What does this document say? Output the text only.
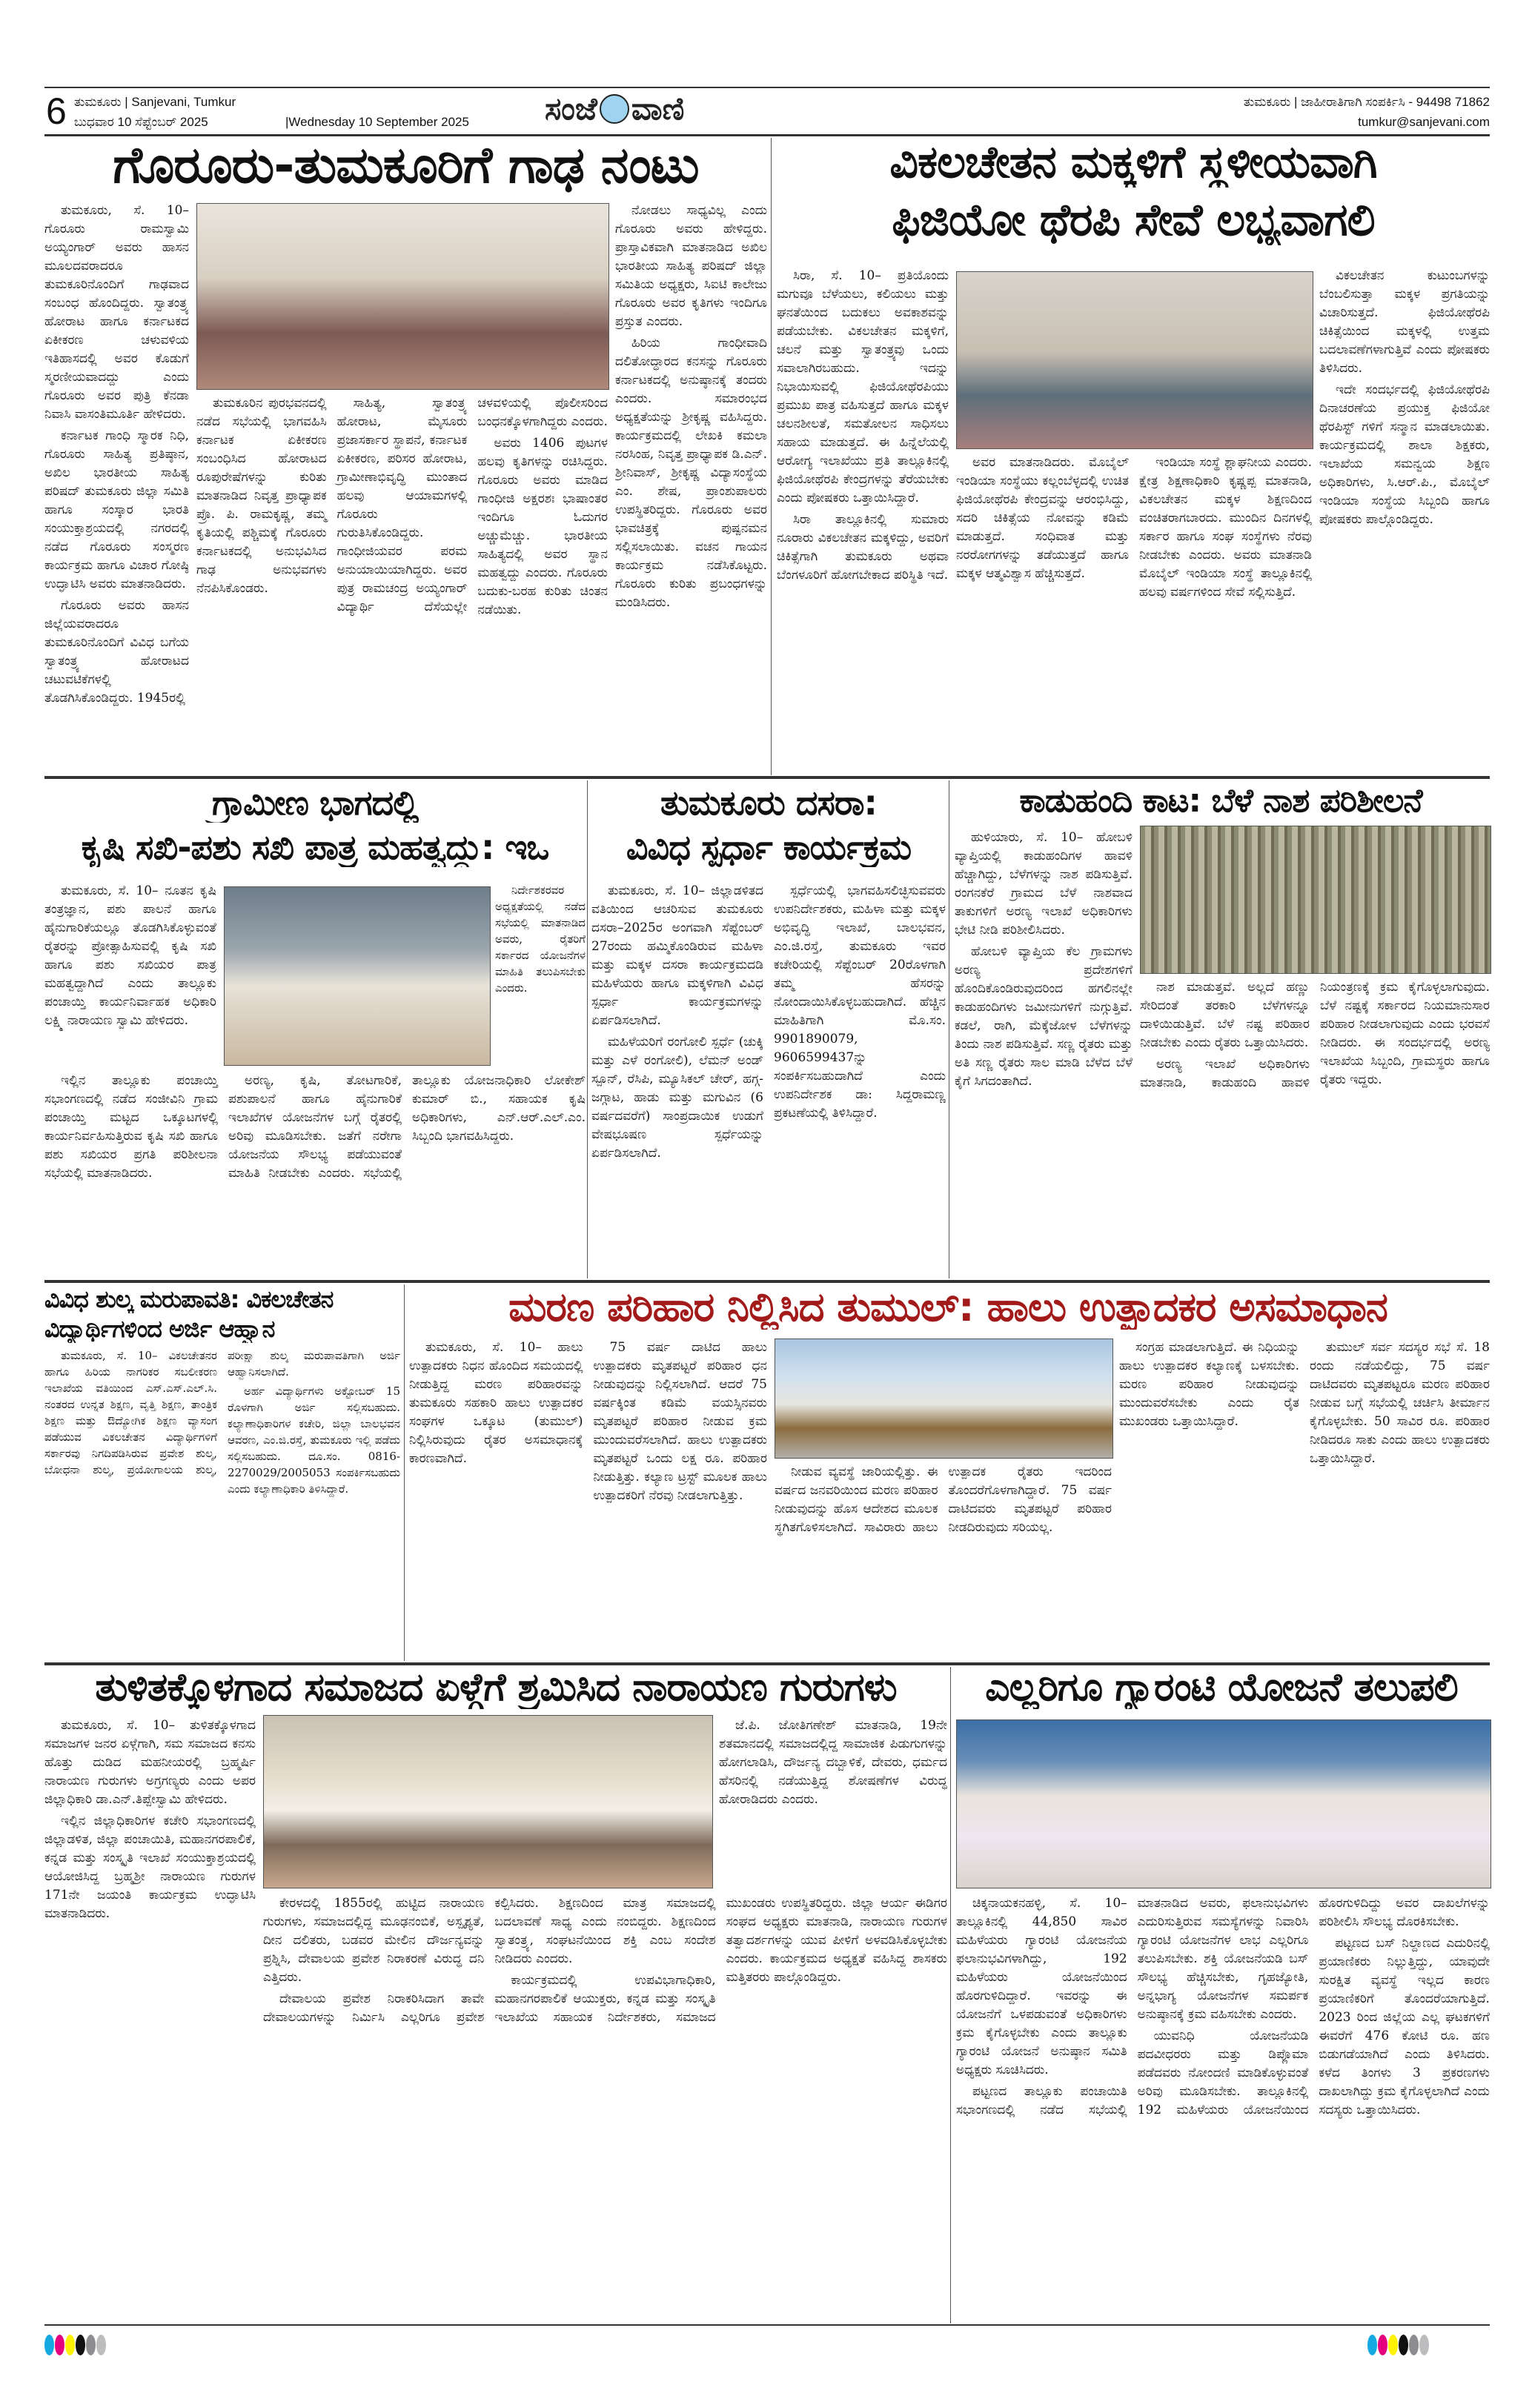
6 ತುಮಕೂರು | Sanjevani, Tumkur
ಬುಧವಾರ 10 ಸೆಪ್ಟೆಂಬರ್ 2025	|Wednesday 10 September 2025 ಸಂಜೆ ವಾಣಿ	ತುಮಕೂರು | ಜಾಹೀರಾತಿಗಾಗಿ ಸಂಪರ್ಕಿಸಿ - 94498 71862
tumkur@sanjevani.com
ಗೊರೂರು-ತುಮಕೂರಿಗೆ ಗಾಢ ನಂಟು

ತುಮಕೂರು, ಸೆ. 10– ಗೊರೂರು ರಾಮಸ್ವಾಮಿ ಅಯ್ಯಂಗಾರ್ ಅವರು ಹಾಸನ ಮೂಲದವರಾದರೂ ತುಮಕೂರಿನೊಂದಿಗೆ ಗಾಢವಾದ ಸಂಬಂಧ ಹೊಂದಿದ್ದರು. ಸ್ವಾತಂತ್ರ್ಯ ಹೋರಾಟ ಹಾಗೂ ಕರ್ನಾಟಕದ ಏಕೀಕರಣ ಚಳುವಳಿಯ ಇತಿಹಾಸದಲ್ಲಿ ಅವರ ಕೊಡುಗೆ ಸ್ಮರಣೀಯವಾದದ್ದು ಎಂದು ಗೊರೂರು ಅವರ ಪುತ್ರಿ ಕೆನಡಾ ನಿವಾಸಿ ವಾಸಂತಿಮೂರ್ತಿ ಹೇಳಿದರು.

ಕರ್ನಾಟಕ ಗಾಂಧಿ ಸ್ಮಾರಕ ನಿಧಿ, ಗೊರೂರು ಸಾಹಿತ್ಯ ಪ್ರತಿಷ್ಠಾನ, ಅಖಿಲ ಭಾರತೀಯ ಸಾಹಿತ್ಯ ಪರಿಷದ್ ತುಮಕೂರು ಜಿಲ್ಲಾ ಸಮಿತಿ ಹಾಗೂ ಸಂಸ್ಕಾರ ಭಾರತಿ ಸಂಯುಕ್ತಾಶ್ರಯದಲ್ಲಿ ನಗರದಲ್ಲಿ ನಡೆದ ಗೊರೂರು ಸಂಸ್ಮರಣ ಕಾರ್ಯಕ್ರಮ ಹಾಗೂ ವಿಚಾರ ಗೋಷ್ಠಿ ಉದ್ಘಾಟಿಸಿ ಅವರು ಮಾತನಾಡಿದರು.

ಗೊರೂರು ಅವರು ಹಾಸನ ಜಿಲ್ಲೆಯವರಾದರೂ ತುಮಕೂರಿನೊಂದಿಗೆ ವಿವಿಧ ಬಗೆಯ ಸ್ವಾತಂತ್ರ್ಯ ಹೋರಾಟದ ಚಟುವಟಿಕೆಗಳಲ್ಲಿ ತೊಡಗಿಸಿಕೊಂಡಿದ್ದರು. 1945ರಲ್ಲಿ

ತುಮಕೂರಿನ ಪುರಭವನದಲ್ಲಿ ನಡೆದ ಸಭೆಯಲ್ಲಿ ಭಾಗವಹಿಸಿ ಕರ್ನಾಟಕ ಏಕೀಕರಣ ಸಂಬಂಧಿಸಿದ ಹೋರಾಟದ ರೂಪುರೇಷೆಗಳನ್ನು ಕುರಿತು ಮಾತನಾಡಿದ ನಿವೃತ್ತ ಪ್ರಾಧ್ಯಾಪಕ ಪ್ರೊ. ಪಿ. ರಾಮಕೃಷ್ಣ, ತಮ್ಮ ಕೃತಿಯಲ್ಲಿ ಪಶ್ಚಿಮಕ್ಕೆ ಗೊರೂರು ಕರ್ನಾಟಕದಲ್ಲಿ ಅನುಭವಿಸಿದ ಗಾಢ ಅನುಭವಗಳು ನೆನಪಿಸಿಕೊಂಡರು.

ಸಾಹಿತ್ಯ, ಸ್ವಾತಂತ್ರ್ಯ ಹೋರಾಟ, ಮೈಸೂರು ಪ್ರಜಾಸರ್ಕಾರ ಸ್ಥಾಪನೆ, ಕರ್ನಾಟಕ ಏಕೀಕರಣ, ಪರಿಸರ ಹೋರಾಟ, ಗ್ರಾಮೀಣಾಭಿವೃದ್ಧಿ ಮುಂತಾದ ಹಲವು ಆಯಾಮಗಳಲ್ಲಿ ಗೊರೂರು ಗುರುತಿಸಿಕೊಂಡಿದ್ದರು. ಗಾಂಧೀಜಿಯವರ ಪರಮ ಅನುಯಾಯಿಯಾಗಿದ್ದರು. ಅವರ ಪುತ್ರ ರಾಮಚಂದ್ರ ಅಯ್ಯಂಗಾರ್ ವಿದ್ಯಾರ್ಥಿ ದೆಸೆಯಲ್ಲೇ ಚಳವಳಿಯಲ್ಲಿ ಪೊಲೀಸರಿಂದ ಬಂಧನಕ್ಕೊಳಗಾಗಿದ್ದರು ಎಂದರು.

ಅವರು 1406 ಪುಟಗಳ ಹಲವು ಕೃತಿಗಳನ್ನು ರಚಿಸಿದ್ದರು. ಗೊರೂರು ಅವರು ಮಾಡಿದ ಗಾಂಧೀಜಿ ಅಕ್ಷರಶಃ ಭಾಷಾಂತರ ಇಂದಿಗೂ ಓದುಗರ ಅಚ್ಚುಮೆಚ್ಚು. ಭಾರತೀಯ ಸಾಹಿತ್ಯದಲ್ಲಿ ಅವರ ಸ್ಥಾನ ಮಹತ್ವದ್ದು ಎಂದರು. ಗೊರೂರು ಬದುಕು-ಬರಹ ಕುರಿತು ಚಿಂತನ ನಡೆಯಿತು.

ನೋಡಲು ಸಾಧ್ಯವಿಲ್ಲ ಎಂದು ಗೊರೂರು ಅವರು ಹೇಳಿದ್ದರು. ಪ್ರಾಸ್ತಾವಿಕವಾಗಿ ಮಾತನಾಡಿದ ಅಖಿಲ ಭಾರತೀಯ ಸಾಹಿತ್ಯ ಪರಿಷದ್ ಜಿಲ್ಲಾ ಸಮಿತಿಯ ಅಧ್ಯಕ್ಷರು, ಸಿಐಟಿ ಕಾಲೇಜು ಗೊರೂರು ಅವರ ಕೃತಿಗಳು ಇಂದಿಗೂ ಪ್ರಸ್ತುತ ಎಂದರು.

ಹಿರಿಯ ಗಾಂಧೀವಾದಿ ದಲಿತೋದ್ಧಾರದ ಕನಸನ್ನು ಗೊರೂರು ಕರ್ನಾಟಕದಲ್ಲಿ ಅನುಷ್ಠಾನಕ್ಕೆ ತಂದರು ಎಂದರು. ಸಮಾರಂಭದ ಅಧ್ಯಕ್ಷತೆಯನ್ನು ಶ್ರೀಕೃಷ್ಣ ವಹಿಸಿದ್ದರು. ಕಾರ್ಯಕ್ರಮದಲ್ಲಿ ಲೇಖಕಿ ಕಮಲಾ ನರಸಿಂಹ, ನಿವೃತ್ತ ಪ್ರಾಧ್ಯಾಪಕ ಡಿ.ಎನ್. ಶ್ರೀನಿವಾಸ್, ಶ್ರೀಕೃಷ್ಣ ವಿದ್ಯಾಸಂಸ್ಥೆಯ ಎಂ. ಶೇಷ, ಪ್ರಾಂಶುಪಾಲರು ಉಪಸ್ಥಿತರಿದ್ದರು. ಗೊರೂರು ಅವರ ಭಾವಚಿತ್ರಕ್ಕೆ ಪುಷ್ಪನಮನ ಸಲ್ಲಿಸಲಾಯಿತು. ವಚನ ಗಾಯನ ಕಾರ್ಯಕ್ರಮ ನಡೆಸಿಕೊಟ್ಟರು. ಗೊರೂರು ಕುರಿತು ಪ್ರಬಂಧಗಳನ್ನು ಮಂಡಿಸಿದರು.

ವಿಕಲಚೇತನ ಮಕ್ಕಳಿಗೆ ಸ್ಥಳೀಯವಾಗಿ
ಫಿಜಿಯೋ ಥೆರಪಿ ಸೇವೆ ಲಭ್ಯವಾಗಲಿ

ಸಿರಾ, ಸೆ. 10– ಪ್ರತಿಯೊಂದು ಮಗುವೂ ಬೆಳೆಯಲು, ಕಲಿಯಲು ಮತ್ತು ಘನತೆಯಿಂದ ಬದುಕಲು ಅವಕಾಶವನ್ನು ಪಡೆಯಬೇಕು. ವಿಕಲಚೇತನ ಮಕ್ಕಳಿಗೆ, ಚಲನೆ ಮತ್ತು ಸ್ವಾತಂತ್ರ್ಯವು ಒಂದು ಸವಾಲಾಗಿರಬಹುದು. ಇದನ್ನು ನಿಭಾಯಿಸುವಲ್ಲಿ ಫಿಜಿಯೋಥೆರಪಿಯು ಪ್ರಮುಖ ಪಾತ್ರ ವಹಿಸುತ್ತದೆ ಹಾಗೂ ಮಕ್ಕಳ ಚಲನಶೀಲತೆ, ಸಮತೋಲನ ಸಾಧಿಸಲು ಸಹಾಯ ಮಾಡುತ್ತದೆ. ಈ ಹಿನ್ನೆಲೆಯಲ್ಲಿ ಆರೋಗ್ಯ ಇಲಾಖೆಯು ಪ್ರತಿ ತಾಲ್ಲೂಕಿನಲ್ಲಿ ಫಿಜಿಯೋಥೆರಪಿ ಕೇಂದ್ರಗಳನ್ನು ತೆರೆಯಬೇಕು ಎಂದು ಪೋಷಕರು ಒತ್ತಾಯಿಸಿದ್ದಾರೆ.

ಸಿರಾ ತಾಲ್ಲೂಕಿನಲ್ಲಿ ಸುಮಾರು ನೂರಾರು ವಿಕಲಚೇತನ ಮಕ್ಕಳಿದ್ದು, ಅವರಿಗೆ ಚಿಕಿತ್ಸೆಗಾಗಿ ತುಮಕೂರು ಅಥವಾ ಬೆಂಗಳೂರಿಗೆ ಹೋಗಬೇಕಾದ ಪರಿಸ್ಥಿತಿ ಇದೆ.

ಅವರ ಮಾತನಾಡಿದರು. ಮೊಬೈಲ್ ಇಂಡಿಯಾ ಸಂಸ್ಥೆಯು ಕಲ್ಲಂಬೆಳ್ಳದಲ್ಲಿ ಉಚಿತ ಫಿಜಿಯೋಥೆರಪಿ ಕೇಂದ್ರವನ್ನು ಆರಂಭಿಸಿದ್ದು, ಸದರಿ ಚಿಕಿತ್ಸೆಯ ನೋವನ್ನು ಕಡಿಮೆ ಮಾಡುತ್ತದೆ. ಸಂಧಿವಾತ ಮತ್ತು ನರರೋಗಗಳನ್ನು ತಡೆಯುತ್ತದೆ ಹಾಗೂ ಮಕ್ಕಳ ಆತ್ಮವಿಶ್ವಾಸ ಹೆಚ್ಚಿಸುತ್ತದೆ.

ಇಂಡಿಯಾ ಸಂಸ್ಥೆ ಶ್ಲಾಘನೀಯ ಎಂದರು. ಕ್ಷೇತ್ರ ಶಿಕ್ಷಣಾಧಿಕಾರಿ ಕೃಷ್ಣಪ್ಪ ಮಾತನಾಡಿ, ವಿಕಲಚೇತನ ಮಕ್ಕಳ ಶಿಕ್ಷಣದಿಂದ ವಂಚಿತರಾಗಬಾರದು. ಮುಂದಿನ ದಿನಗಳಲ್ಲಿ ಸರ್ಕಾರ ಹಾಗೂ ಸಂಘ ಸಂಸ್ಥೆಗಳು ನೆರವು ನೀಡಬೇಕು ಎಂದರು. ಅವರು ಮಾತನಾಡಿ ಮೊಬೈಲ್ ಇಂಡಿಯಾ ಸಂಸ್ಥೆ ತಾಲ್ಲೂಕಿನಲ್ಲಿ ಹಲವು ವರ್ಷಗಳಿಂದ ಸೇವೆ ಸಲ್ಲಿಸುತ್ತಿದೆ.

ವಿಕಲಚೇತನ ಕುಟುಂಬಗಳನ್ನು ಬೆಂಬಲಿಸುತ್ತಾ ಮಕ್ಕಳ ಪ್ರಗತಿಯನ್ನು ವಿಚಾರಿಸುತ್ತದೆ. ಫಿಜಿಯೋಥೆರಪಿ ಚಿಕಿತ್ಸೆಯಿಂದ ಮಕ್ಕಳಲ್ಲಿ ಉತ್ತಮ ಬದಲಾವಣೆಗಳಾಗುತ್ತಿವೆ ಎಂದು ಪೋಷಕರು ತಿಳಿಸಿದರು.

ಇದೇ ಸಂದರ್ಭದಲ್ಲಿ ಫಿಜಿಯೋಥೆರಪಿ ದಿನಾಚರಣೆಯ ಪ್ರಯುಕ್ತ ಫಿಜಿಯೋ ಥೆರಪಿಸ್ಟ್ ಗಳಿಗೆ ಸನ್ಮಾನ ಮಾಡಲಾಯಿತು. ಕಾರ್ಯಕ್ರಮದಲ್ಲಿ ಶಾಲಾ ಶಿಕ್ಷಕರು, ಇಲಾಖೆಯ ಸಮನ್ವಯ ಶಿಕ್ಷಣ ಅಧಿಕಾರಿಗಳು, ಸಿ.ಆರ್.ಪಿ., ಮೊಬೈಲ್ ಇಂಡಿಯಾ ಸಂಸ್ಥೆಯ ಸಿಬ್ಬಂದಿ ಹಾಗೂ ಪೋಷಕರು ಪಾಲ್ಗೊಂಡಿದ್ದರು.

ಗ್ರಾಮೀಣ ಭಾಗದಲ್ಲಿ
ಕೃಷಿ ಸಖಿ-ಪಶು ಸಖಿ ಪಾತ್ರ ಮಹತ್ವದ್ದು: ಇಒ

ತುಮಕೂರು, ಸೆ. 10– ನೂತನ ಕೃಷಿ ತಂತ್ರಜ್ಞಾನ, ಪಶು ಪಾಲನೆ ಹಾಗೂ ಹೈನುಗಾರಿಕೆಯಲ್ಲೂ ತೊಡಗಿಸಿಕೊಳ್ಳುವಂತೆ ರೈತರನ್ನು ಪ್ರೋತ್ಸಾಹಿಸುವಲ್ಲಿ ಕೃಷಿ ಸಖಿ ಹಾಗೂ ಪಶು ಸಖಿಯರ ಪಾತ್ರ ಮಹತ್ವದ್ದಾಗಿದೆ ಎಂದು ತಾಲ್ಲೂಕು ಪಂಚಾಯ್ತಿ ಕಾರ್ಯನಿರ್ವಾಹಕ ಅಧಿಕಾರಿ ಲಕ್ಷ್ಮಿ ನಾರಾಯಣ ಸ್ವಾಮಿ ಹೇಳಿದರು.

ನಿರ್ದೇಶಕರವರ ಅಧ್ಯಕ್ಷತೆಯಲ್ಲಿ ನಡೆದ ಸಭೆಯಲ್ಲಿ ಮಾತನಾಡಿದ ಅವರು, ರೈತರಿಗೆ ಸರ್ಕಾರದ ಯೋಜನೆಗಳ ಮಾಹಿತಿ ತಲುಪಿಸಬೇಕು ಎಂದರು.

ಇಲ್ಲಿನ ತಾಲ್ಲೂಕು ಪಂಚಾಯ್ತಿ ಸಭಾಂಗಣದಲ್ಲಿ ನಡೆದ ಸಂಜೀವಿನಿ ಗ್ರಾಮ ಪಂಚಾಯ್ತಿ ಮಟ್ಟದ ಒಕ್ಕೂಟಗಳಲ್ಲಿ ಕಾರ್ಯನಿರ್ವಹಿಸುತ್ತಿರುವ ಕೃಷಿ ಸಖಿ ಹಾಗೂ ಪಶು ಸಖಿಯರ ಪ್ರಗತಿ ಪರಿಶೀಲನಾ ಸಭೆಯಲ್ಲಿ ಮಾತನಾಡಿದರು.

ಅರಣ್ಯ, ಕೃಷಿ, ತೋಟಗಾರಿಕೆ, ಪಶುಪಾಲನೆ ಹಾಗೂ ಹೈನುಗಾರಿಕೆ ಇಲಾಖೆಗಳ ಯೋಜನೆಗಳ ಬಗ್ಗೆ ರೈತರಲ್ಲಿ ಅರಿವು ಮೂಡಿಸಬೇಕು. ಜತೆಗೆ ನರೇಗಾ ಯೋಜನೆಯ ಸೌಲಭ್ಯ ಪಡೆಯುವಂತೆ ಮಾಹಿತಿ ನೀಡಬೇಕು ಎಂದರು. ಸಭೆಯಲ್ಲಿ ತಾಲ್ಲೂಕು ಯೋಜನಾಧಿಕಾರಿ ಲೋಕೇಶ್ ಕುಮಾರ್ ಬಿ., ಸಹಾಯಕ ಕೃಷಿ ಅಧಿಕಾರಿಗಳು, ಎನ್.ಆರ್.ಎಲ್.ಎಂ. ಸಿಬ್ಬಂದಿ ಭಾಗವಹಿಸಿದ್ದರು.

ತುಮಕೂರು ದಸರಾ:
ವಿವಿಧ ಸ್ಪರ್ಧಾ ಕಾರ್ಯಕ್ರಮ

ತುಮಕೂರು, ಸೆ. 10– ಜಿಲ್ಲಾಡಳಿತದ ವತಿಯಿಂದ ಆಚರಿಸುವ ತುಮಕೂರು ದಸರಾ–2025ರ ಅಂಗವಾಗಿ ಸೆಪ್ಟೆಂಬರ್ 27ರಂದು ಹಮ್ಮಿಕೊಂಡಿರುವ ಮಹಿಳಾ ಮತ್ತು ಮಕ್ಕಳ ದಸರಾ ಕಾರ್ಯಕ್ರಮದಡಿ ಮಹಿಳೆಯರು ಹಾಗೂ ಮಕ್ಕಳಿಗಾಗಿ ವಿವಿಧ ಸ್ಪರ್ಧಾ ಕಾರ್ಯಕ್ರಮಗಳನ್ನು ಏರ್ಪಡಿಸಲಾಗಿದೆ.

ಮಹಿಳೆಯರಿಗೆ ರಂಗೋಲಿ ಸ್ಪರ್ಧೆ (ಚುಕ್ಕಿ ಮತ್ತು ಎಳೆ ರಂಗೋಲಿ), ಲೆಮನ್ ಅಂಡ್ ಸ್ಪೂನ್, ರೆಸಿಪಿ, ಮ್ಯೂಸಿಕಲ್ ಚೇರ್, ಹಗ್ಗ-ಜಗ್ಗಾಟ, ಹಾಡು ಮತ್ತು ಮಗುವಿನ (6 ವರ್ಷದವರೆಗೆ) ಸಾಂಪ್ರದಾಯಿಕ ಉಡುಗೆ ವೇಷಭೂಷಣ ಸ್ಪರ್ಧೆಯನ್ನು ಏರ್ಪಡಿಸಲಾಗಿದೆ.

ಸ್ಪರ್ಧೆಯಲ್ಲಿ ಭಾಗವಹಿಸಲಿಚ್ಛಿಸುವವರು ಉಪನಿರ್ದೇಶಕರು, ಮಹಿಳಾ ಮತ್ತು ಮಕ್ಕಳ ಅಭಿವೃದ್ಧಿ ಇಲಾಖೆ, ಬಾಲಭವನ, ಎಂ.ಜಿ.ರಸ್ತೆ, ತುಮಕೂರು ಇವರ ಕಚೇರಿಯಲ್ಲಿ ಸೆಪ್ಟೆಂಬರ್ 20ರೊಳಗಾಗಿ ತಮ್ಮ ಹೆಸರನ್ನು ನೋಂದಾಯಿಸಿಕೊಳ್ಳಬಹುದಾಗಿದೆ. ಹೆಚ್ಚಿನ ಮಾಹಿತಿಗಾಗಿ ಮೊ.ಸಂ. 9901890079, 9606599437ನ್ನು ಸಂಪರ್ಕಿಸಬಹುದಾಗಿದೆ ಎಂದು ಉಪನಿರ್ದೇಶಕ ಡಾ: ಸಿದ್ದರಾಮಣ್ಣ ಪ್ರಕಟಣೆಯಲ್ಲಿ ತಿಳಿಸಿದ್ದಾರೆ.

ಕಾಡುಹಂದಿ ಕಾಟ: ಬೆಳೆ ನಾಶ ಪರಿಶೀಲನೆ

ಹುಳಿಯಾರು, ಸೆ. 10– ಹೋಬಳಿ ವ್ಯಾಪ್ತಿಯಲ್ಲಿ ಕಾಡುಹಂದಿಗಳ ಹಾವಳಿ ಹೆಚ್ಚಾಗಿದ್ದು, ಬೆಳೆಗಳನ್ನು ನಾಶ ಪಡಿಸುತ್ತಿವೆ. ರಂಗನಕೆರೆ ಗ್ರಾಮದ ಬೆಳೆ ನಾಶವಾದ ತಾಕುಗಳಿಗೆ ಅರಣ್ಯ ಇಲಾಖೆ ಅಧಿಕಾರಿಗಳು ಭೇಟಿ ನೀಡಿ ಪರಿಶೀಲಿಸಿದರು.

ಹೋಬಳಿ ವ್ಯಾಪ್ತಿಯ ಕೆಲ ಗ್ರಾಮಗಳು ಅರಣ್ಯ ಪ್ರದೇಶಗಳಿಗೆ ಹೊಂದಿಕೊಂಡಿರುವುದರಿಂದ ಹಗಲಿನಲ್ಲೇ ಕಾಡುಹಂದಿಗಳು ಜಮೀನುಗಳಿಗೆ ನುಗ್ಗುತ್ತಿವೆ. ಕಡಲೆ, ರಾಗಿ, ಮೆಕ್ಕೆಜೋಳ ಬೆಳೆಗಳನ್ನು ತಿಂದು ನಾಶ ಪಡಿಸುತ್ತಿವೆ. ಸಣ್ಣ ರೈತರು ಮತ್ತು ಅತಿ ಸಣ್ಣ ರೈತರು ಸಾಲ ಮಾಡಿ ಬೆಳೆದ ಬೆಳೆ ಕೈಗೆ ಸಿಗದಂತಾಗಿದೆ.

ನಾಶ ಮಾಡುತ್ತವೆ. ಅಲ್ಲದೆ ಹಣ್ಣು ಸೇರಿದಂತೆ ತರಕಾರಿ ಬೆಳೆಗಳನ್ನೂ ದಾಳಿಯಿಡುತ್ತಿವೆ. ಬೆಳೆ ನಷ್ಟ ಪರಿಹಾರ ನೀಡಬೇಕು ಎಂದು ರೈತರು ಒತ್ತಾಯಿಸಿದರು.

ಅರಣ್ಯ ಇಲಾಖೆ ಅಧಿಕಾರಿಗಳು ಮಾತನಾಡಿ, ಕಾಡುಹಂದಿ ಹಾವಳಿ ನಿಯಂತ್ರಣಕ್ಕೆ ಕ್ರಮ ಕೈಗೊಳ್ಳಲಾಗುವುದು. ಬೆಳೆ ನಷ್ಟಕ್ಕೆ ಸರ್ಕಾರದ ನಿಯಮಾನುಸಾರ ಪರಿಹಾರ ನೀಡಲಾಗುವುದು ಎಂದು ಭರವಸೆ ನೀಡಿದರು. ಈ ಸಂದರ್ಭದಲ್ಲಿ ಅರಣ್ಯ ಇಲಾಖೆಯ ಸಿಬ್ಬಂದಿ, ಗ್ರಾಮಸ್ಥರು ಹಾಗೂ ರೈತರು ಇದ್ದರು.

ವಿವಿಧ ಶುಲ್ಕ ಮರುಪಾವತಿ: ವಿಕಲಚೇತನ
ವಿದ್ಯಾರ್ಥಿಗಳಿಂದ ಅರ್ಜಿ ಆಹ್ವಾನ

ತುಮಕೂರು, ಸೆ. 10– ವಿಕಲಚೇತನರ ಹಾಗೂ ಹಿರಿಯ ನಾಗರಿಕರ ಸಬಲೀಕರಣ ಇಲಾಖೆಯ ವತಿಯಿಂದ ಎಸ್.ಎಸ್.ಎಲ್.ಸಿ. ನಂತರದ ಉನ್ನತ ಶಿಕ್ಷಣ, ವೃತ್ತಿ ಶಿಕ್ಷಣ, ತಾಂತ್ರಿಕ ಶಿಕ್ಷಣ ಮತ್ತು ಔದ್ಯೋಗಿಕ ಶಿಕ್ಷಣ ವ್ಯಾಸಂಗ ಪಡೆಯುವ ವಿಕಲಚೇತನ ವಿದ್ಯಾರ್ಥಿಗಳಿಗೆ ಸರ್ಕಾರವು ನಿಗದಿಪಡಿಸಿರುವ ಪ್ರವೇಶ ಶುಲ್ಕ, ಬೋಧನಾ ಶುಲ್ಕ, ಪ್ರಯೋಗಾಲಯ ಶುಲ್ಕ, ಪರೀಕ್ಷಾ ಶುಲ್ಕ ಮರುಪಾವತಿಗಾಗಿ ಅರ್ಜಿ ಆಹ್ವಾನಿಸಲಾಗಿದೆ.

ಅರ್ಹ ವಿದ್ಯಾರ್ಥಿಗಳು ಅಕ್ಟೋಬರ್ 15 ರೊಳಗಾಗಿ ಅರ್ಜಿ ಸಲ್ಲಿಸಬಹುದು. ಕಲ್ಯಾಣಾಧಿಕಾರಿಗಳ ಕಚೇರಿ, ಜಿಲ್ಲಾ ಬಾಲಭವನ ಆವರಣ, ಎಂ.ಜಿ.ರಸ್ತೆ, ತುಮಕೂರು ಇಲ್ಲಿ ಪಡೆದು ಸಲ್ಲಿಸಬಹುದು. ದೂ.ಸಂ. 0816-2270029/2005053 ಸಂಪರ್ಕಿಸಬಹುದು ಎಂದು ಕಲ್ಯಾಣಾಧಿಕಾರಿ ತಿಳಿಸಿದ್ದಾರೆ.

ಮರಣ ಪರಿಹಾರ ನಿಲ್ಲಿಸಿದ ತುಮುಲ್: ಹಾಲು ಉತ್ಪಾದಕರ ಅಸಮಾಧಾನ

ತುಮಕೂರು, ಸೆ. 10– ಹಾಲು ಉತ್ಪಾದಕರು ನಿಧನ ಹೊಂದಿದ ಸಮಯದಲ್ಲಿ ನೀಡುತ್ತಿದ್ದ ಮರಣ ಪರಿಹಾರವನ್ನು ತುಮಕೂರು ಸಹಕಾರಿ ಹಾಲು ಉತ್ಪಾದಕರ ಸಂಘಗಳ ಒಕ್ಕೂಟ (ತುಮುಲ್) ನಿಲ್ಲಿಸಿರುವುದು ರೈತರ ಅಸಮಾಧಾನಕ್ಕೆ ಕಾರಣವಾಗಿದೆ.

75 ವರ್ಷ ದಾಟಿದ ಹಾಲು ಉತ್ಪಾದಕರು ಮೃತಪಟ್ಟರೆ ಪರಿಹಾರ ಧನ ನೀಡುವುದನ್ನು ನಿಲ್ಲಿಸಲಾಗಿದೆ. ಆದರೆ 75 ವರ್ಷಕ್ಕಿಂತ ಕಡಿಮೆ ವಯಸ್ಸಿನವರು ಮೃತಪಟ್ಟರೆ ಪರಿಹಾರ ನೀಡುವ ಕ್ರಮ ಮುಂದುವರೆಸಲಾಗಿದೆ. ಹಾಲು ಉತ್ಪಾದಕರು ಮೃತಪಟ್ಟರೆ ಒಂದು ಲಕ್ಷ ರೂ. ಪರಿಹಾರ ನೀಡುತ್ತಿತ್ತು. ಕಲ್ಯಾಣ ಟ್ರಸ್ಟ್ ಮೂಲಕ ಹಾಲು ಉತ್ಪಾದಕರಿಗೆ ನೆರವು ನೀಡಲಾಗುತ್ತಿತ್ತು.

ನೀಡುವ ವ್ಯವಸ್ಥೆ ಜಾರಿಯಲ್ಲಿತ್ತು. ಈ ವರ್ಷದ ಜನವರಿಯಿಂದ ಮರಣ ಪರಿಹಾರ ನೀಡುವುದನ್ನು ಹೊಸ ಆದೇಶದ ಮೂಲಕ ಸ್ಥಗಿತಗೊಳಿಸಲಾಗಿದೆ. ಸಾವಿರಾರು ಹಾಲು ಉತ್ಪಾದಕ ರೈತರು ಇದರಿಂದ ತೊಂದರೆಗೊಳಗಾಗಿದ್ದಾರೆ. 75 ವರ್ಷ ದಾಟಿದವರು ಮೃತಪಟ್ಟರೆ ಪರಿಹಾರ ನೀಡದಿರುವುದು ಸರಿಯಲ್ಲ.

ಸಂಗ್ರಹ ಮಾಡಲಾಗುತ್ತಿದೆ. ಈ ನಿಧಿಯನ್ನು ಹಾಲು ಉತ್ಪಾದಕರ ಕಲ್ಯಾಣಕ್ಕೆ ಬಳಸಬೇಕು. ಮರಣ ಪರಿಹಾರ ನೀಡುವುದನ್ನು ಮುಂದುವರೆಸಬೇಕು ಎಂದು ರೈತ ಮುಖಂಡರು ಒತ್ತಾಯಿಸಿದ್ದಾರೆ.

ತುಮುಲ್ ಸರ್ವ ಸದಸ್ಯರ ಸಭೆ ಸೆ. 18 ರಂದು ನಡೆಯಲಿದ್ದು, 75 ವರ್ಷ ದಾಟಿದವರು ಮೃತಪಟ್ಟರೂ ಮರಣ ಪರಿಹಾರ ನೀಡುವ ಬಗ್ಗೆ ಸಭೆಯಲ್ಲಿ ಚರ್ಚಿಸಿ ತೀರ್ಮಾನ ಕೈಗೊಳ್ಳಬೇಕು. 50 ಸಾವಿರ ರೂ. ಪರಿಹಾರ ನೀಡಿದರೂ ಸಾಕು ಎಂದು ಹಾಲು ಉತ್ಪಾದಕರು ಒತ್ತಾಯಿಸಿದ್ದಾರೆ.

ತುಳಿತಕ್ಕೊಳಗಾದ ಸಮಾಜದ ಏಳ್ಗೆಗೆ ಶ್ರಮಿಸಿದ ನಾರಾಯಣ ಗುರುಗಳು

ತುಮಕೂರು, ಸೆ. 10– ತುಳಿತಕ್ಕೊಳಗಾದ ಸಮಾಜಗಳ ಜನರ ಏಳ್ಗೆಗಾಗಿ, ಸಮ ಸಮಾಜದ ಕನಸು ಹೊತ್ತು ದುಡಿದ ಮಹನೀಯರಲ್ಲಿ ಬ್ರಹ್ಮರ್ಷಿ ನಾರಾಯಣ ಗುರುಗಳು ಅಗ್ರಗಣ್ಯರು ಎಂದು ಅಪರ ಜಿಲ್ಲಾಧಿಕಾರಿ ಡಾ.ಎನ್.ತಿಪ್ಪೇಸ್ವಾಮಿ ಹೇಳಿದರು.

ಇಲ್ಲಿನ ಜಿಲ್ಲಾಧಿಕಾರಿಗಳ ಕಚೇರಿ ಸಭಾಂಗಣದಲ್ಲಿ ಜಿಲ್ಲಾಡಳಿತ, ಜಿಲ್ಲಾ ಪಂಚಾಯಿತಿ, ಮಹಾನಗರಪಾಲಿಕೆ, ಕನ್ನಡ ಮತ್ತು ಸಂಸ್ಕೃತಿ ಇಲಾಖೆ ಸಂಯುಕ್ತಾಶ್ರಯದಲ್ಲಿ ಆಯೋಜಿಸಿದ್ದ ಬ್ರಹ್ಮಶ್ರೀ ನಾರಾಯಣ ಗುರುಗಳ 171ನೇ ಜಯಂತಿ ಕಾರ್ಯಕ್ರಮ ಉದ್ಘಾಟಿಸಿ ಮಾತನಾಡಿದರು.

ಜೆ.ಪಿ. ಜೋತಿಗಣೇಶ್ ಮಾತನಾಡಿ, 19ನೇ ಶತಮಾನದಲ್ಲಿ ಸಮಾಜದಲ್ಲಿದ್ದ ಸಾಮಾಜಿಕ ಪಿಡುಗುಗಳನ್ನು ಹೋಗಲಾಡಿಸಿ, ದೌರ್ಜನ್ಯ ದಬ್ಬಾಳಿಕೆ, ದೇವರು, ಧರ್ಮದ ಹೆಸರಿನಲ್ಲಿ ನಡೆಯುತ್ತಿದ್ದ ಶೋಷಣೆಗಳ ವಿರುದ್ಧ ಹೋರಾಡಿದರು ಎಂದರು.

ಕೇರಳದಲ್ಲಿ 1855ರಲ್ಲಿ ಹುಟ್ಟಿದ ನಾರಾಯಣ ಗುರುಗಳು, ಸಮಾಜದಲ್ಲಿದ್ದ ಮೂಢನಂಬಿಕೆ, ಅಸ್ಪೃಶ್ಯತೆ, ದೀನ ದಲಿತರು, ಬಡವರ ಮೇಲಿನ ದೌರ್ಜನ್ಯವನ್ನು ಪ್ರಶ್ನಿಸಿ, ದೇವಾಲಯ ಪ್ರವೇಶ ನಿರಾಕರಣೆ ವಿರುದ್ಧ ದನಿ ಎತ್ತಿದರು.

ದೇವಾಲಯ ಪ್ರವೇಶ ನಿರಾಕರಿಸಿದಾಗ ತಾವೇ ದೇವಾಲಯಗಳನ್ನು ನಿರ್ಮಿಸಿ ಎಲ್ಲರಿಗೂ ಪ್ರವೇಶ ಕಲ್ಪಿಸಿದರು. ಶಿಕ್ಷಣದಿಂದ ಮಾತ್ರ ಸಮಾಜದಲ್ಲಿ ಬದಲಾವಣೆ ಸಾಧ್ಯ ಎಂದು ನಂಬಿದ್ದರು. ಶಿಕ್ಷಣದಿಂದ ಸ್ವಾತಂತ್ರ್ಯ, ಸಂಘಟನೆಯಿಂದ ಶಕ್ತಿ ಎಂಬ ಸಂದೇಶ ನೀಡಿದರು ಎಂದರು.

ಕಾರ್ಯಕ್ರಮದಲ್ಲಿ ಉಪವಿಭಾಗಾಧಿಕಾರಿ, ಮಹಾನಗರಪಾಲಿಕೆ ಆಯುಕ್ತರು, ಕನ್ನಡ ಮತ್ತು ಸಂಸ್ಕೃತಿ ಇಲಾಖೆಯ ಸಹಾಯಕ ನಿರ್ದೇಶಕರು, ಸಮಾಜದ ಮುಖಂಡರು ಉಪಸ್ಥಿತರಿದ್ದರು. ಜಿಲ್ಲಾ ಆರ್ಯ ಈಡಿಗರ ಸಂಘದ ಅಧ್ಯಕ್ಷರು ಮಾತನಾಡಿ, ನಾರಾಯಣ ಗುರುಗಳ ತತ್ವಾದರ್ಶಗಳನ್ನು ಯುವ ಪೀಳಿಗೆ ಅಳವಡಿಸಿಕೊಳ್ಳಬೇಕು ಎಂದರು. ಕಾರ್ಯಕ್ರಮದ ಅಧ್ಯಕ್ಷತೆ ವಹಿಸಿದ್ದ ಶಾಸಕರು ಮತ್ತಿತರರು ಪಾಲ್ಗೊಂಡಿದ್ದರು.

ಎಲ್ಲರಿಗೂ ಗ್ಯಾರಂಟಿ ಯೋಜನೆ ತಲುಪಲಿ

ಚಿಕ್ಕನಾಯಕನಹಳ್ಳಿ, ಸೆ. 10– ತಾಲ್ಲೂಕಿನಲ್ಲಿ 44,850 ಸಾವಿರ ಮಹಿಳೆಯರು ಗ್ಯಾರಂಟಿ ಯೋಜನೆಯ ಫಲಾನುಭವಿಗಳಾಗಿದ್ದು, 192 ಮಹಿಳೆಯರು ಯೋಜನೆಯಿಂದ ಹೊರಗುಳಿದಿದ್ದಾರೆ. ಇವರನ್ನು ಈ ಯೋಜನೆಗೆ ಒಳಪಡುವಂತೆ ಅಧಿಕಾರಿಗಳು ಕ್ರಮ ಕೈಗೊಳ್ಳಬೇಕು ಎಂದು ತಾಲ್ಲೂಕು ಗ್ಯಾರಂಟಿ ಯೋಜನೆ ಅನುಷ್ಠಾನ ಸಮಿತಿ ಅಧ್ಯಕ್ಷರು ಸೂಚಿಸಿದರು.

ಪಟ್ಟಣದ ತಾಲ್ಲೂಕು ಪಂಚಾಯಿತಿ ಸಭಾಂಗಣದಲ್ಲಿ ನಡೆದ ಸಭೆಯಲ್ಲಿ ಮಾತನಾಡಿದ ಅವರು, ಫಲಾನುಭವಿಗಳು ಎದುರಿಸುತ್ತಿರುವ ಸಮಸ್ಯೆಗಳನ್ನು ನಿವಾರಿಸಿ ಗ್ಯಾರಂಟಿ ಯೋಜನೆಗಳ ಲಾಭ ಎಲ್ಲರಿಗೂ ತಲುಪಿಸಬೇಕು. ಶಕ್ತಿ ಯೋಜನೆಯಡಿ ಬಸ್ ಸೌಲಭ್ಯ ಹೆಚ್ಚಿಸಬೇಕು, ಗೃಹಜ್ಯೋತಿ, ಅನ್ನಭಾಗ್ಯ ಯೋಜನೆಗಳ ಸಮರ್ಪಕ ಅನುಷ್ಠಾನಕ್ಕೆ ಕ್ರಮ ವಹಿಸಬೇಕು ಎಂದರು.

ಯುವನಿಧಿ ಯೋಜನೆಯಡಿ ಪದವೀಧರರು ಮತ್ತು ಡಿಪ್ಲೊಮಾ ಪಡೆದವರು ನೋಂದಣಿ ಮಾಡಿಕೊಳ್ಳುವಂತೆ ಅರಿವು ಮೂಡಿಸಬೇಕು. ತಾಲ್ಲೂಕಿನಲ್ಲಿ 192 ಮಹಿಳೆಯರು ಯೋಜನೆಯಿಂದ ಹೊರಗುಳಿದಿದ್ದು ಅವರ ದಾಖಲೆಗಳನ್ನು ಪರಿಶೀಲಿಸಿ ಸೌಲಭ್ಯ ದೊರಕಿಸಬೇಕು.

ಪಟ್ಟಣದ ಬಸ್ ನಿಲ್ದಾಣದ ಎದುರಿನಲ್ಲಿ ಪ್ರಯಾಣಿಕರು ನಿಲ್ಲುತ್ತಿದ್ದು, ಯಾವುದೇ ಸುರಕ್ಷಿತ ವ್ಯವಸ್ಥೆ ಇಲ್ಲದ ಕಾರಣ ಪ್ರಯಾಣಿಕರಿಗೆ ತೊಂದರೆಯಾಗುತ್ತಿದೆ. 2023 ರಿಂದ ಜಿಲ್ಲೆಯ ಎಲ್ಲ ಘಟಕಗಳಿಗೆ ಈವರೆಗೆ 476 ಕೋಟಿ ರೂ. ಹಣ ಬಿಡುಗಡೆಯಾಗಿದೆ ಎಂದು ತಿಳಿಸಿದರು. ಕಳೆದ ತಿಂಗಳು 3 ಪ್ರಕರಣಗಳು ದಾಖಲಾಗಿದ್ದು ಕ್ರಮ ಕೈಗೊಳ್ಳಲಾಗಿದೆ ಎಂದು ಸದಸ್ಯರು ಒತ್ತಾಯಿಸಿದರು.
